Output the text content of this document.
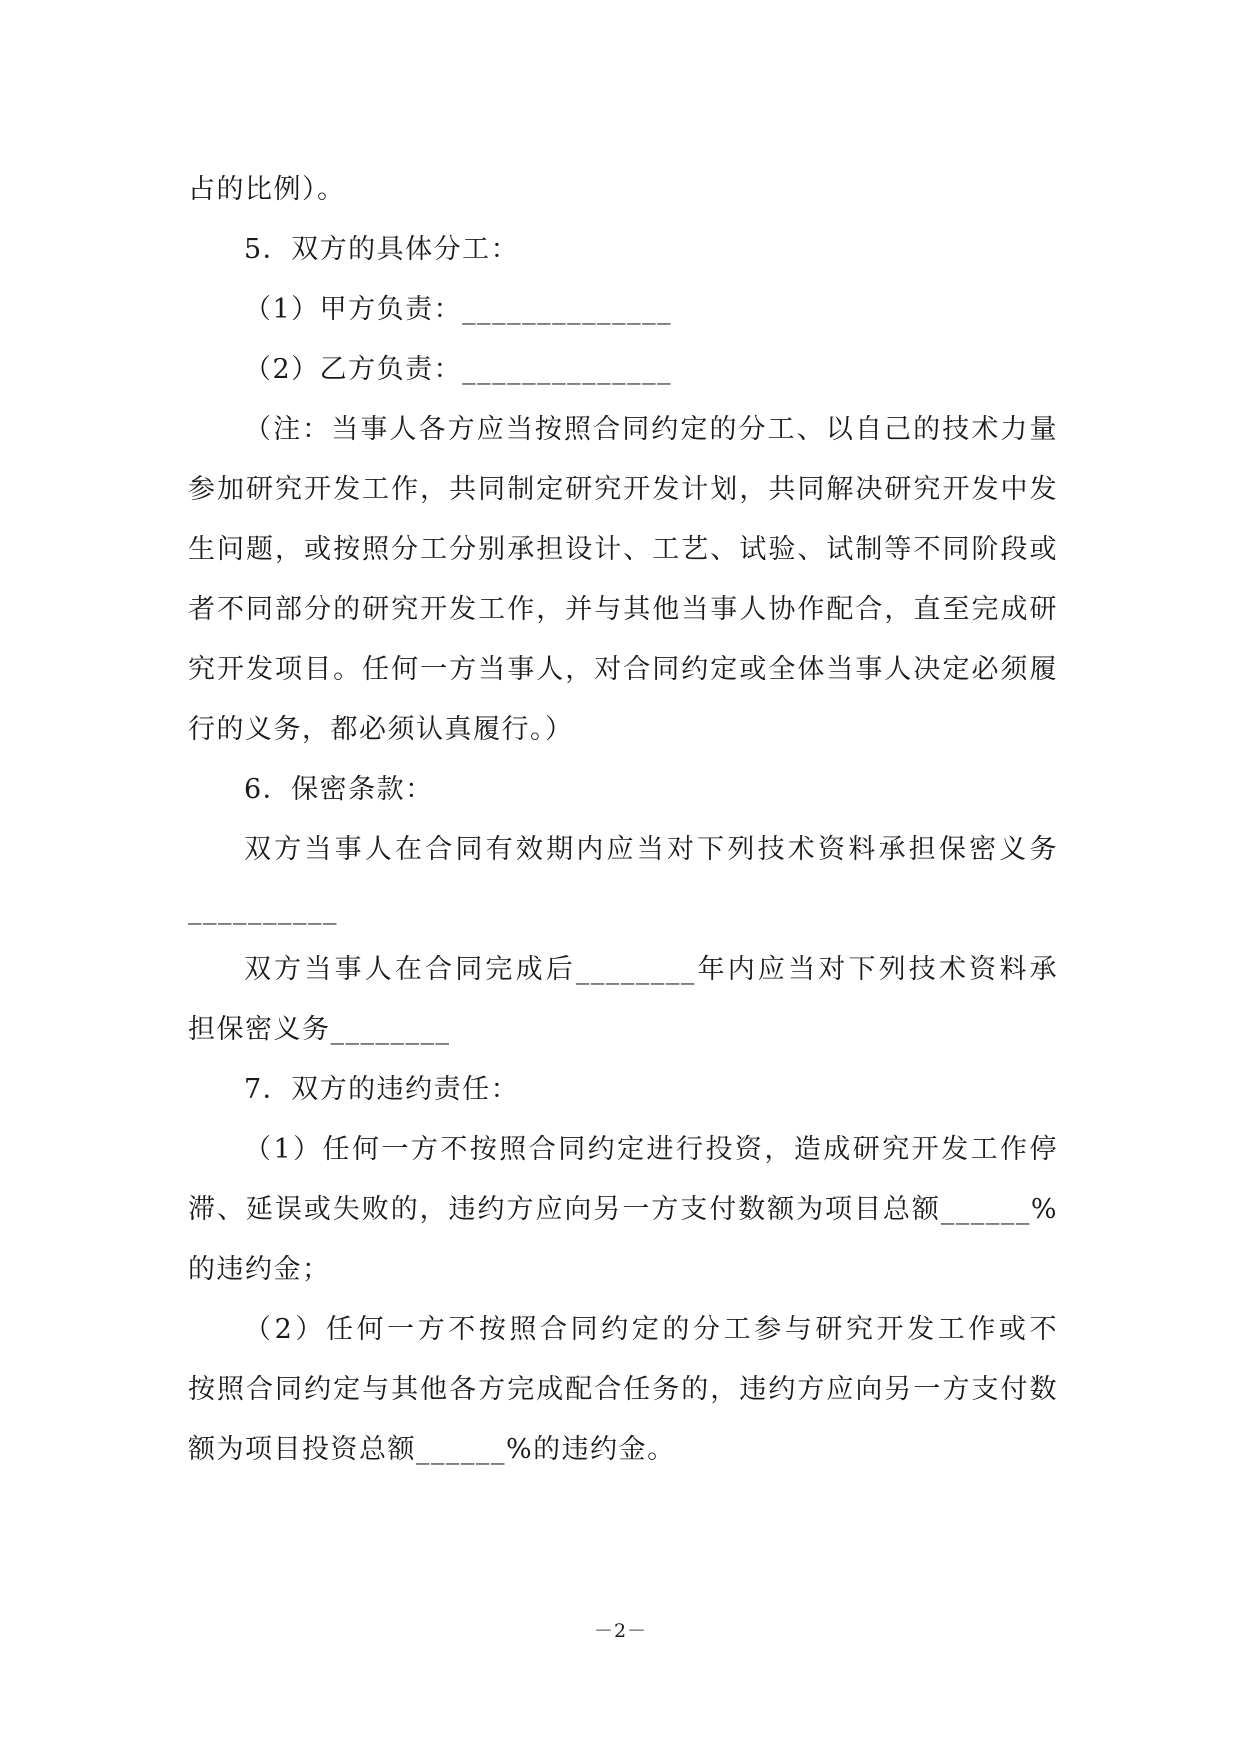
占的比例）。
5．双方的具体分工：
（1）甲方负责：______________
（2）乙方负责：______________
（注：当事人各方应当按照合同约定的分工、以自己的技术力量
参加研究开发工作，共同制定研究开发计划，共同解决研究开发中发
生问题，或按照分工分别承担设计、工艺、试验、试制等不同阶段或
者不同部分的研究开发工作，并与其他当事人协作配合，直至完成研
究开发项目。任何一方当事人，对合同约定或全体当事人决定必须履
行的义务，都必须认真履行。）
6．保密条款：
双方当事人在合同有效期内应当对下列技术资料承担保密义务
__________
双方当事人在合同完成后________年内应当对下列技术资料承
担保密义务________
7．双方的违约责任：
（1）任何一方不按照合同约定进行投资，造成研究开发工作停
滞、延误或失败的，违约方应向另一方支付数额为项目总额______%
的违约金；
（2）任何一方不按照合同约定的分工参与研究开发工作或不
按照合同约定与其他各方完成配合任务的，违约方应向另一方支付数
额为项目投资总额______%的违约金。
－2－
